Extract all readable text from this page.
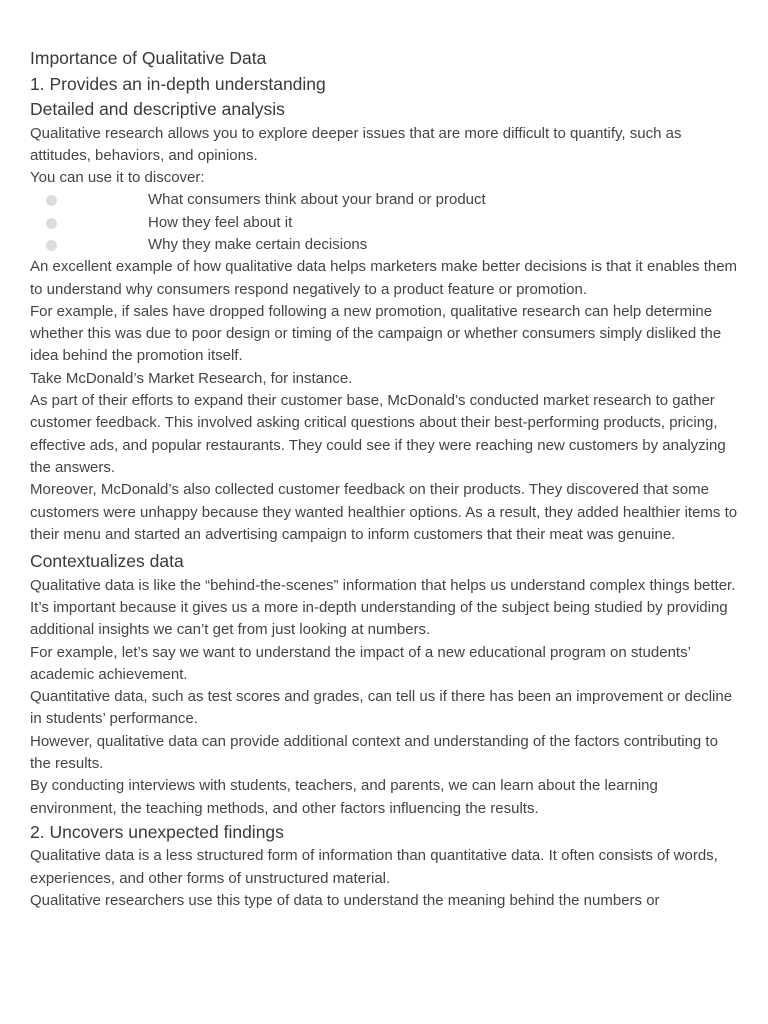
Importance of Qualitative Data
1. Provides an in-depth understanding
Detailed and descriptive analysis

Qualitative research allows you to explore deeper issues that are more difficult to quantify, such as attitudes, behaviors, and opinions.

You can use it to discover:

What consumers think about your brand or product
How they feel about it
Why they make certain decisions

An excellent example of how qualitative data helps marketers make better decisions is that it enables them to understand why consumers respond negatively to a product feature or promotion.

For example, if sales have dropped following a new promotion, qualitative research can help determine whether this was due to poor design or timing of the campaign or whether consumers simply disliked the idea behind the promotion itself.

Take McDonald’s Market Research, for instance.

As part of their efforts to expand their customer base, McDonald’s conducted market research to gather customer feedback. This involved asking critical questions about their best-performing products, pricing, effective ads, and popular restaurants. They could see if they were reaching new customers by analyzing the answers.

Moreover, McDonald’s also collected customer feedback on their products. They discovered that some customers were unhappy because they wanted healthier options. As a result, they added healthier items to their menu and started an advertising campaign to inform customers that their meat was genuine.

Contextualizes data

Qualitative data is like the “behind-the-scenes” information that helps us understand complex things better. It’s important because it gives us a more in-depth understanding of the subject being studied by providing additional insights we can’t get from just looking at numbers.

For example, let’s say we want to understand the impact of a new educational program on students’ academic achievement.

Quantitative data, such as test scores and grades, can tell us if there has been an improvement or decline in students’ performance.

However, qualitative data can provide additional context and understanding of the factors contributing to the results.

By conducting interviews with students, teachers, and parents, we can learn about the learning environment, the teaching methods, and other factors influencing the results.

2. Uncovers unexpected findings

Qualitative data is a less structured form of information than quantitative data. It often consists of words, experiences, and other forms of unstructured material.

Qualitative researchers use this type of data to understand the meaning behind the numbers or
